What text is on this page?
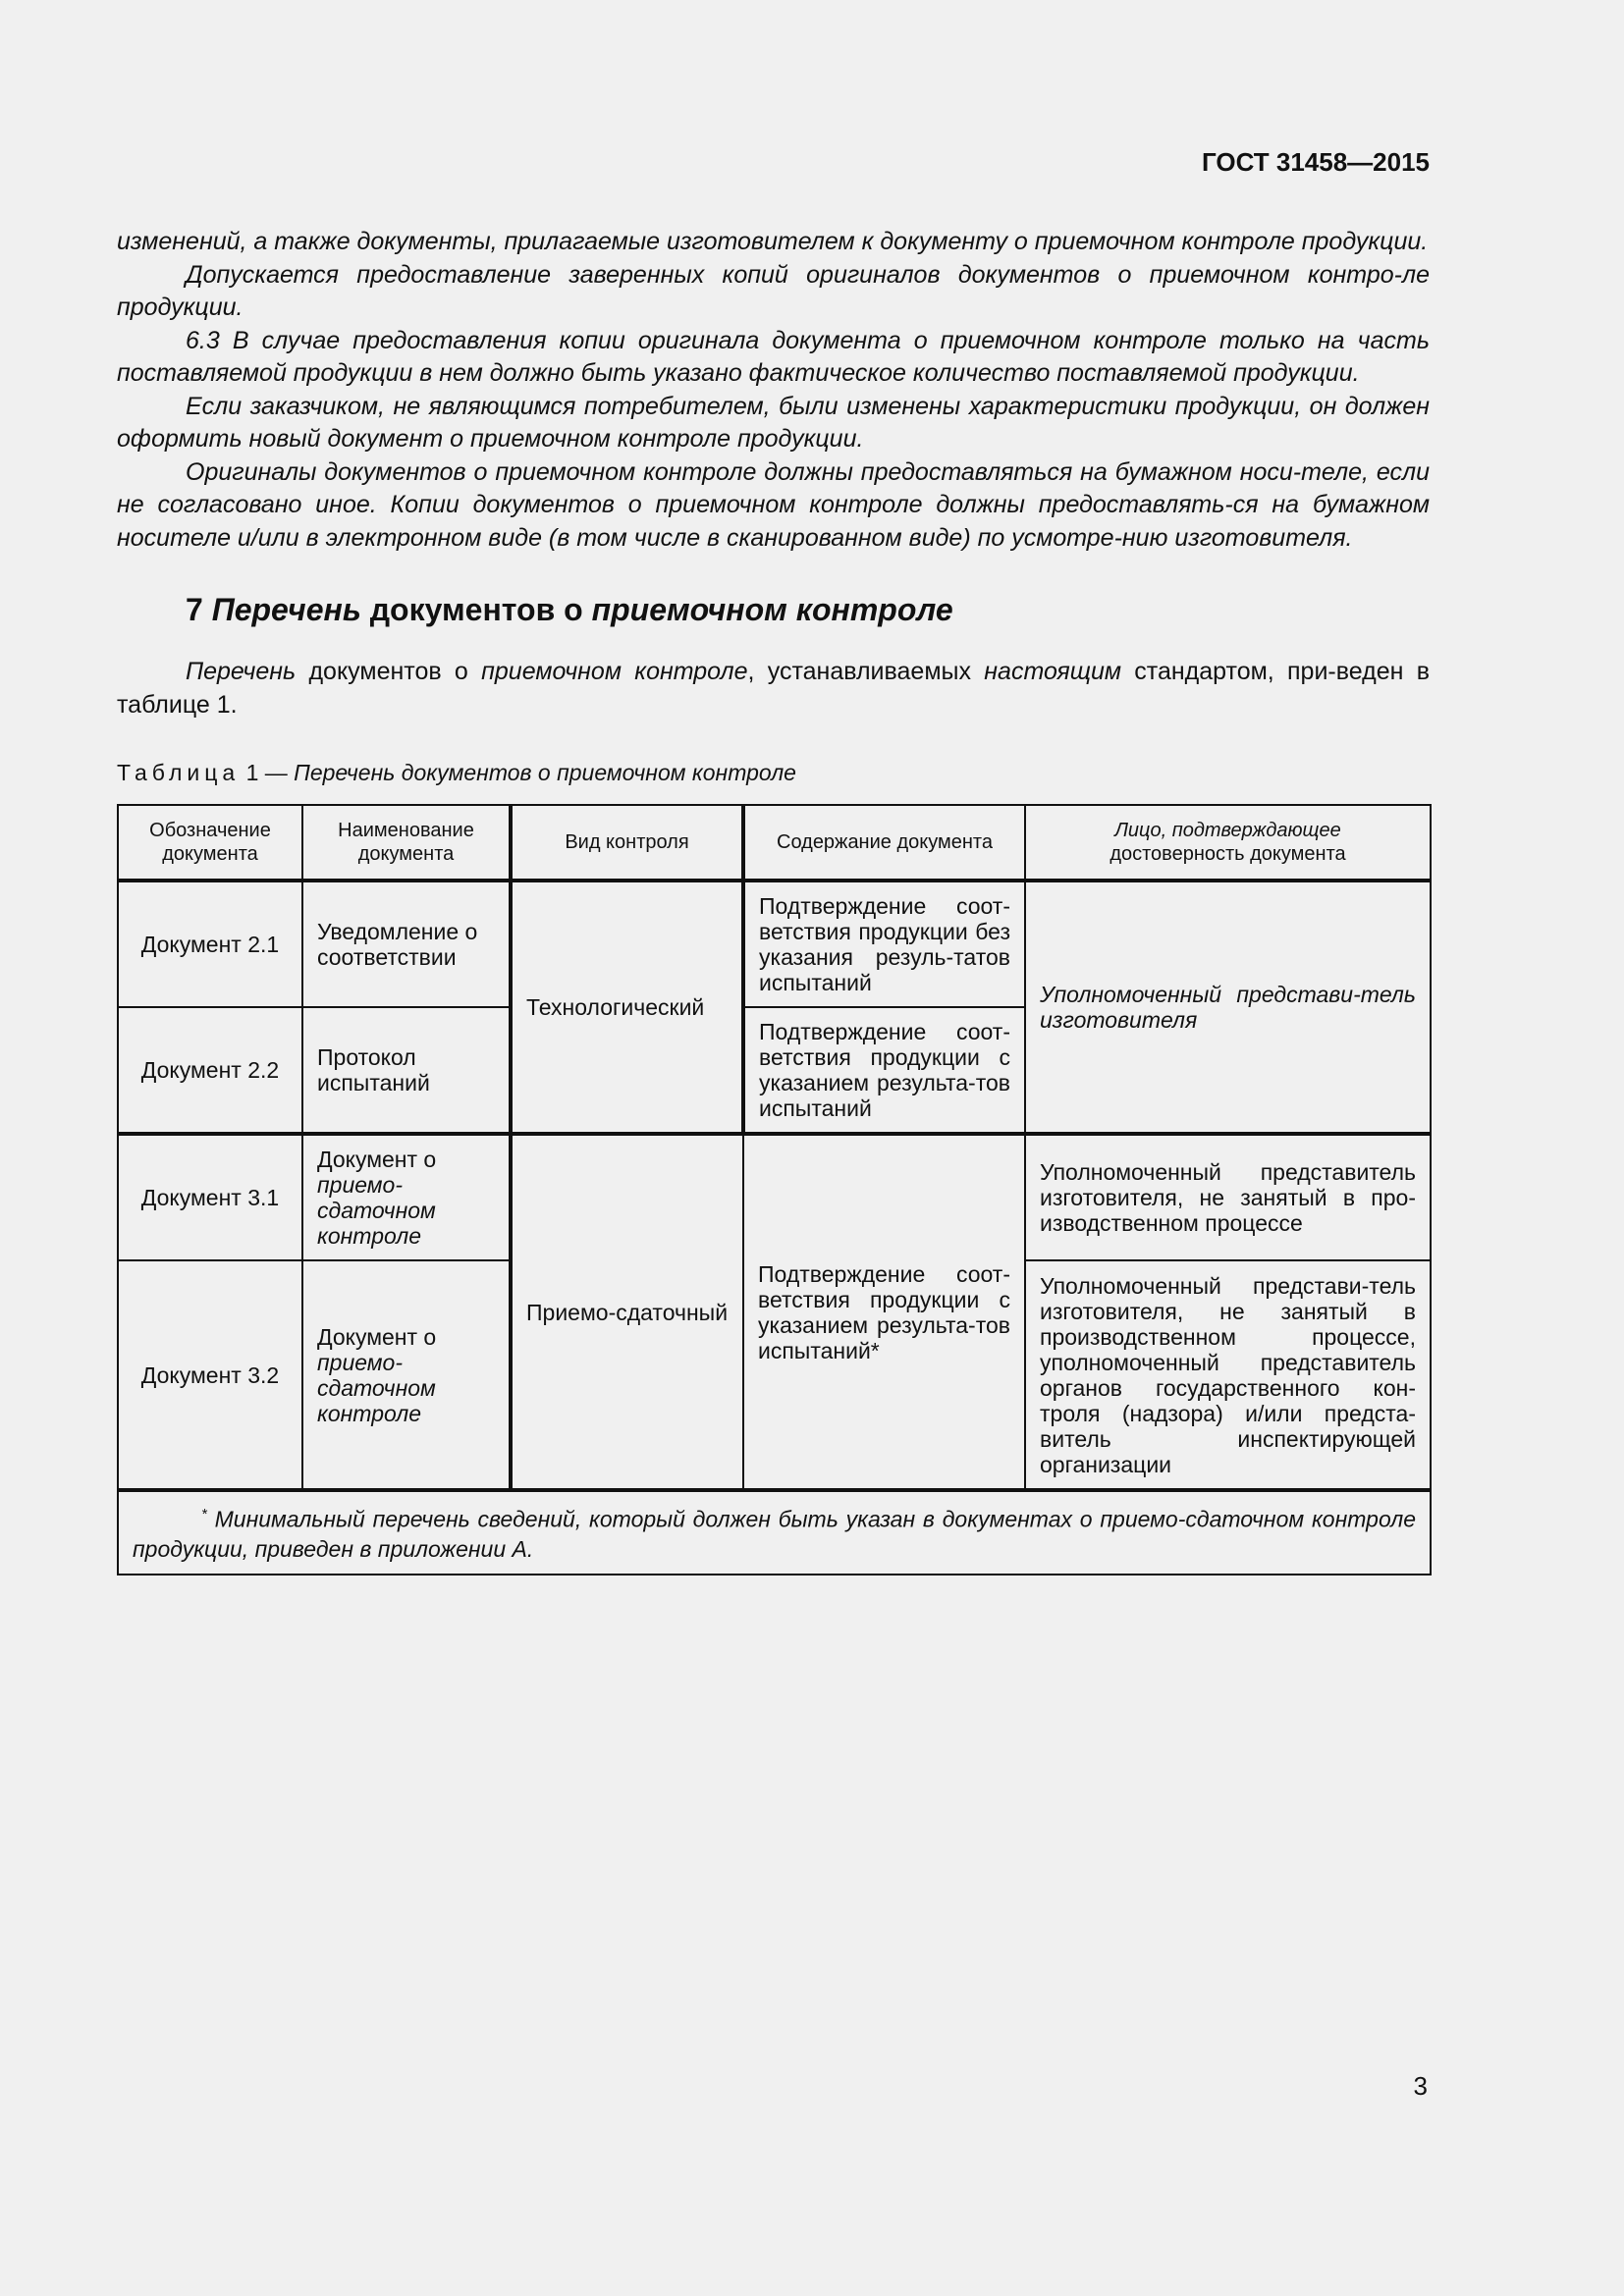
ГОСТ 31458—2015

изменений, а также документы, прилагаемые изготовителем к документу о приемочном контроле продукции.

Допускается предоставление заверенных копий оригиналов документов о приемочном контро-ле продукции.

6.3 В случае предоставления копии оригинала документа о приемочном контроле только на часть поставляемой продукции в нем должно быть указано фактическое количество поставляемой продукции.

Если заказчиком, не являющимся потребителем, были изменены характеристики продукции, он должен оформить новый документ о приемочном контроле продукции.

Оригиналы документов о приемочном контроле должны предоставляться на бумажном носи-теле, если не согласовано иное. Копии документов о приемочном контроле должны предоставлять-ся на бумажном носителе и/или в электронном виде (в том числе в сканированном виде) по усмотре-нию изготовителя.

7 Перечень документов о приемочном контроле

Перечень документов о приемочном контроле, устанавливаемых настоящим стандартом, при-веден в таблице 1.

Таблица 1 — Перечень документов о приемочном контроле
Обозначение документа	Наименование документа	Вид контроля	Содержание документа	Лицо, подтверждающее
достоверность документа
Документ 2.1	Уведомление о соответствии	Технологический	Подтверждение соот-ветствия продукции без указания резуль-татов испытаний	Уполномоченный представи-тель изготовителя
Документ 2.2	Протокол испытаний		Подтверждение соот-ветствия продукции с указанием результа-тов испытаний	
Документ 3.1	Документ о приемо-сдаточном контроле	Приемо-сдаточный	Подтверждение соот-ветствия продукции с указанием результа-тов испытаний*	Уполномоченный представитель изготовителя, не занятый в про-изводственном процессе
Документ 3.2	Документ о приемо-сдаточном контроле			Уполномоченный представи-тель изготовителя, не занятый в производственном процессе, уполномоченный представитель органов государственного кон-троля (надзора) и/или предста-витель инспектирующей организации
* Минимальный перечень сведений, который должен быть указан в документах о приемо-сдаточном контроле продукции, приведен в приложении А.				
3
